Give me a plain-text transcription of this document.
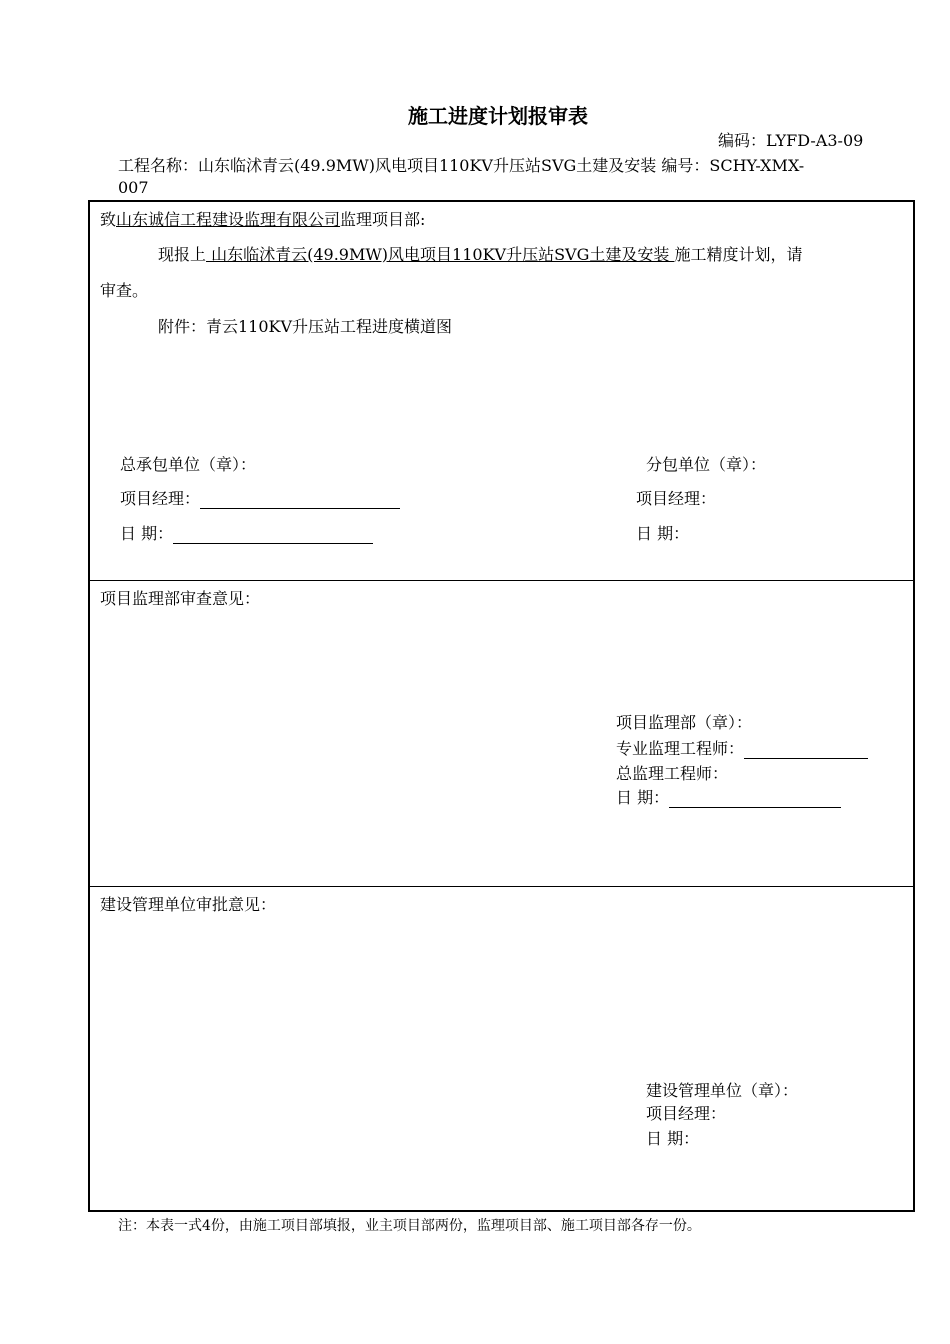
施工进度计划报审表
编码：LYFD-A3-09
工程名称：山东临沭青云(49.9MW)风电项目110KV升压站SVG土建及安装 编号：SCHY-XMX-
007
致山东诚信工程建设监理有限公司监理项目部:
现报上 山东临沭青云(49.9MW)风电项目110KV升压站SVG土建及安装 施工精度计划，请
审查。
附件：青云110KV升压站工程进度横道图
总承包单位（章）：
项目经理：
日 期：
分包单位（章）：
项目经理：
日 期：
项目监理部审查意见：
项目监理部（章）：
专业监理工程师：
总监理工程师：
日 期：
建设管理单位审批意见：
建设管理单位（章）：
项目经理：
日 期：
注：本表一式4份，由施工项目部填报，业主项目部两份，监理项目部、施工项目部各存一份。
